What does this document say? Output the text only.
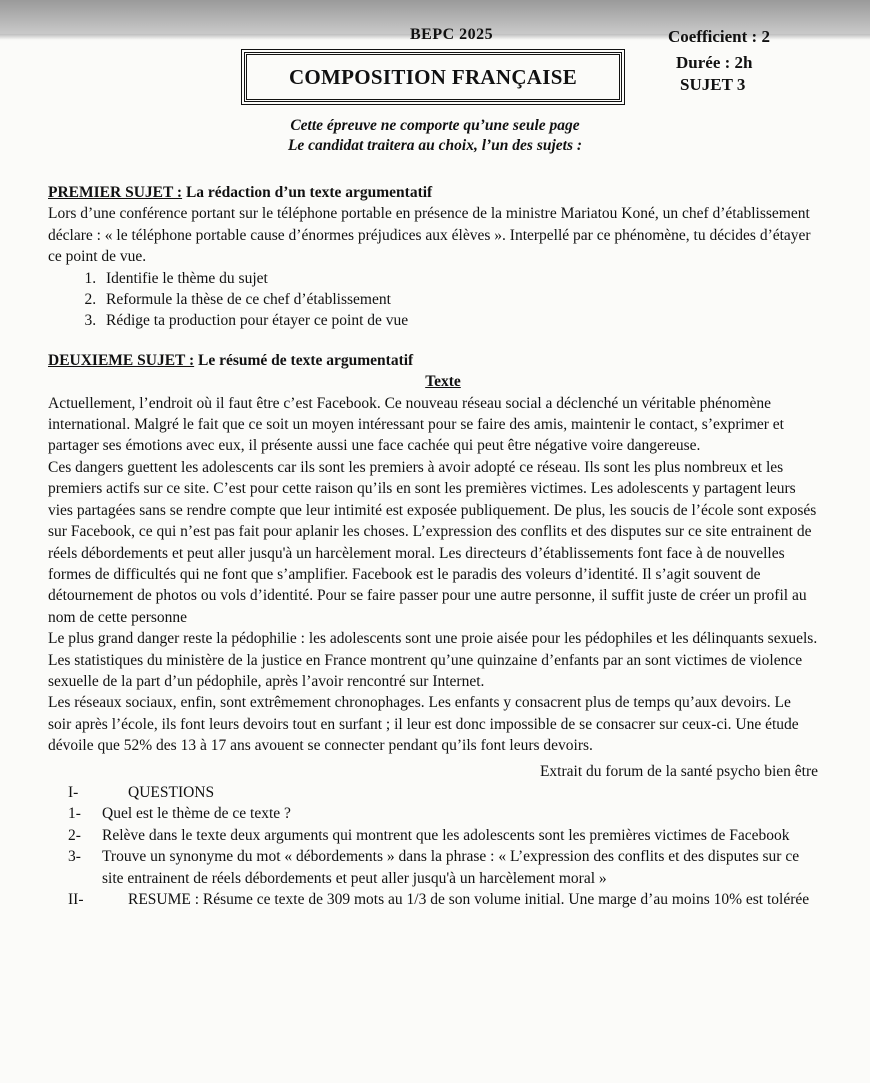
BEPC 2025	Coefficient : 2
Durée : 2h
SUJET 3
COMPOSITION FRANÇAISE
Cette épreuve ne comporte qu’une seule page
Le candidat traitera au choix, l’un des sujets :
PREMIER SUJET : La rédaction d’un texte argumentatif

Lors d’une conférence portant sur le téléphone portable en présence de la ministre Mariatou Koné, un chef d’établissement déclare : « le téléphone portable cause d’énormes préjudices aux élèves ». Interpellé par ce phénomène, tu décides d’étayer ce point de vue.

1. Identifie le thème du sujet
2. Reformule la thèse de ce chef d’établissement
3. Rédige ta production pour étayer ce point de vue
DEUXIEME SUJET : Le résumé de texte argumentatif
Texte

Actuellement, l’endroit où il faut être c’est Facebook. Ce nouveau réseau social a déclenché un véritable phénomène international. Malgré le fait que ce soit un moyen intéressant pour se faire des amis, maintenir le contact, s’exprimer et partager ses émotions avec eux, il présente aussi une face cachée qui peut être négative voire dangereuse.

Ces dangers guettent les adolescents car ils sont les premiers à avoir adopté ce réseau. Ils sont les plus nombreux et les premiers actifs sur ce site. C’est pour cette raison qu’ils en sont les premières victimes. Les adolescents y partagent leurs vies partagées sans se rendre compte que leur intimité est exposée publiquement. De plus, les soucis de l’école sont exposés sur Facebook, ce qui n’est pas fait pour aplanir les choses. L’expression des conflits et des disputes sur ce site entrainent de réels débordements et peut aller jusqu'à un harcèlement moral. Les directeurs d’établissements font face à de nouvelles formes de difficultés qui ne font que s’amplifier. Facebook est le paradis des voleurs d’identité. Il s’agit souvent de détournement de photos ou vols d’identité. Pour se faire passer pour une autre personne, il suffit juste de créer un profil au nom de cette personne

Le plus grand danger reste la pédophilie : les adolescents sont une proie aisée pour les pédophiles et les délinquants sexuels. Les statistiques du ministère de la justice en France montrent qu’une quinzaine d’enfants par an sont victimes de violence sexuelle de la part d’un pédophile, après l’avoir rencontré sur Internet.

Les réseaux sociaux, enfin, sont extrêmement chronophages. Les enfants y consacrent plus de temps qu’aux devoirs. Le soir après l’école, ils font leurs devoirs tout en surfant ; il leur est donc impossible de se consacrer sur ceux-ci. Une étude dévoile que 52% des 13 à 17 ans avouent se connecter pendant qu’ils font leurs devoirs.

Extrait du forum de la santé psycho bien être
I-	QUESTIONS
1-	Quel est le thème de ce texte ?
2-	Relève dans le texte deux arguments qui montrent que les adolescents sont les premières victimes de Facebook
3-	Trouve un synonyme du mot « débordements » dans la phrase : « L’expression des conflits et des disputes sur ce site entrainent de réels débordements et peut aller jusqu'à un harcèlement moral »
II-	RESUME : Résume ce texte de 309 mots au 1/3 de son volume initial. Une marge d’au moins 10% est tolérée
